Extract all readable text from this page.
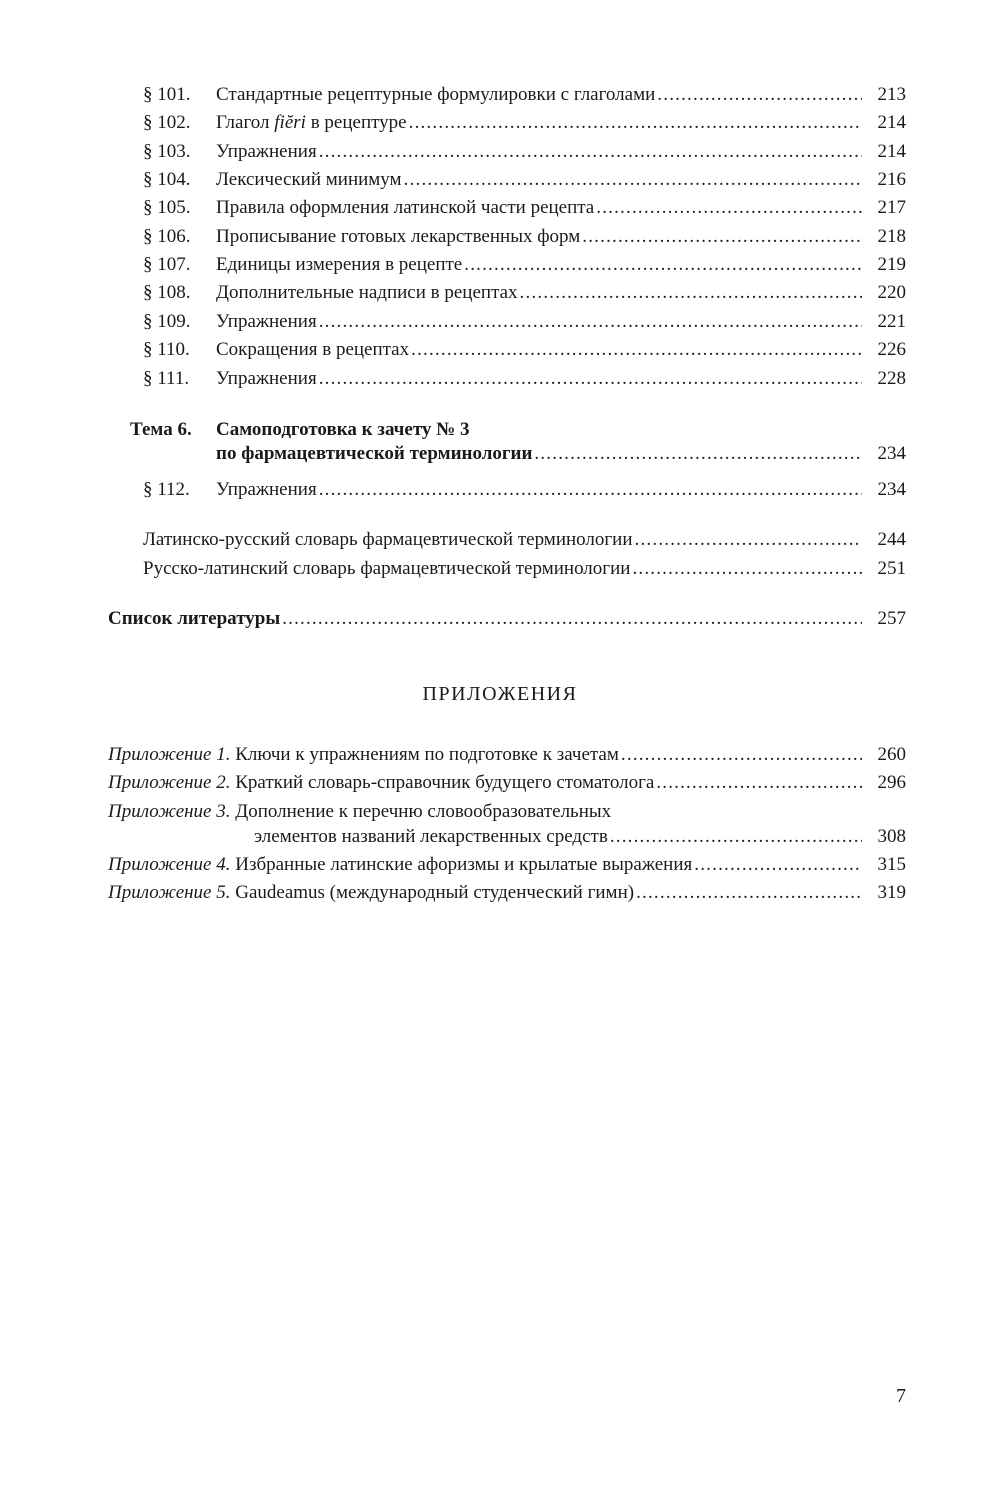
§ 101. Стандартные рецептурные формулировки с глаголами .....	213
§ 102. Глагол fiĕri в рецептуре .....	214
§ 103. Упражнения .....	214
§ 104. Лексический минимум .....	216
§ 105. Правила оформления латинской части рецепта .....	217
§ 106. Прописывание готовых лекарственных форм .....	218
§ 107. Единицы измерения в рецепте .....	219
§ 108. Дополнительные надписи в рецептах .....	220
§ 109. Упражнения .....	221
§ 110. Сокращения в рецептах .....	226
§ 111. Упражнения .....	228
Тема 6. Самоподготовка к зачету № 3
по фармацевтической терминологии .....	234
§ 112. Упражнения .....	234
Латинско-русский словарь фармацевтической терминологии .....	244
Русско-латинский словарь фармацевтической терминологии .....	251
Список литературы .....	257
ПРИЛОЖЕНИЯ
Приложение 1. Ключи к упражнениям по подготовке к зачетам .....	260
Приложение 2. Краткий словарь-справочник будущего стоматолога .....	296
Приложение 3. Дополнение к перечню словообразовательных
элементов названий лекарственных средств .....	308
Приложение 4. Избранные латинские афоризмы и крылатые выражения .....	315
Приложение 5. Gaudeamus (международный студенческий гимн) .....	319
7
